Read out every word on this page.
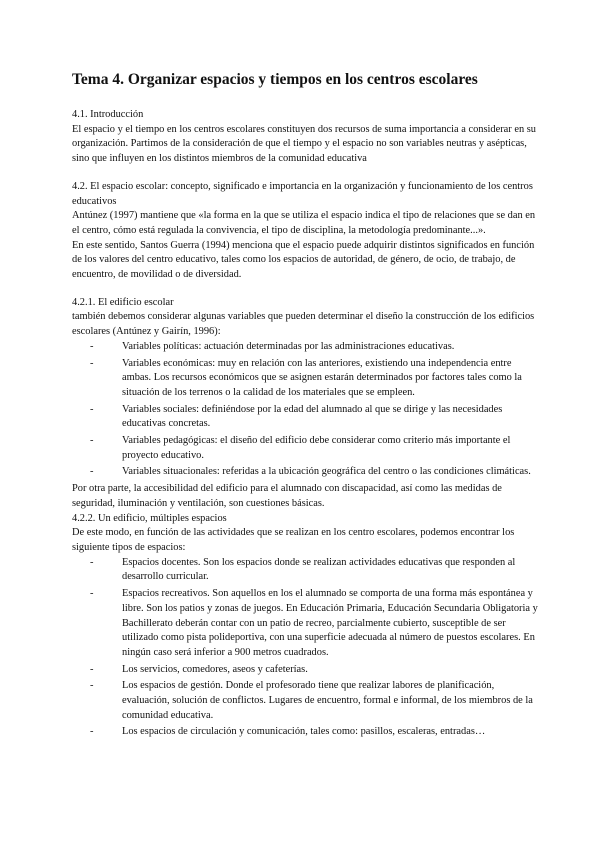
Tema 4. Organizar espacios y tiempos en los centros escolares

4.1. Introducción

El espacio y el tiempo en los centros escolares constituyen dos recursos de suma importancia a considerar en su organización. Partimos de la consideración de que el tiempo y el espacio no son variables neutras y asépticas, sino que influyen en los distintos miembros de la comunidad educativa

4.2. El espacio escolar: concepto, significado e importancia en la organización y funcionamiento de los centros educativos

Antúnez (1997) mantiene que «la forma en la que se utiliza el espacio indica el tipo de relaciones que se dan en el centro, cómo está regulada la convivencia, el tipo de disciplina, la metodología predominante...».

En este sentido, Santos Guerra (1994) menciona que el espacio puede adquirir distintos significados en función de los valores del centro educativo, tales como los espacios de autoridad, de género, de ocio, de trabajo, de encuentro, de movilidad o de diversidad.

4.2.1. El edificio escolar

también debemos considerar algunas variables que pueden determinar el diseño la construcción de los edificios escolares (Antúnez y Gairín, 1996):

- Variables políticas: actuación determinadas por las administraciones educativas.
- Variables económicas: muy en relación con las anteriores, existiendo una independencia entre ambas. Los recursos económicos que se asignen estarán determinados por factores tales como la situación de los terrenos o la calidad de los materiales que se empleen.
- Variables sociales: definiéndose por la edad del alumnado al que se dirige y las necesidades educativas concretas.
- Variables pedagógicas: el diseño del edificio debe considerar como criterio más importante el proyecto educativo.
- Variables situacionales: referidas a la ubicación geográfica del centro o las condiciones climáticas.

Por otra parte, la accesibilidad del edificio para el alumnado con discapacidad, así como las medidas de seguridad, iluminación y ventilación, son cuestiones básicas.

4.2.2. Un edificio, múltiples espacios

De este modo, en función de las actividades que se realizan en los centro escolares, podemos encontrar los siguiente tipos de espacios:

- Espacios docentes. Son los espacios donde se realizan actividades educativas que responden al desarrollo curricular.
- Espacios recreativos. Son aquellos en los el alumnado se comporta de una forma más espontánea y libre. Son los patios y zonas de juegos. En Educación Primaria, Educación Secundaria Obligatoria y Bachillerato deberán contar con un patio de recreo, parcialmente cubierto, susceptible de ser utilizado como pista polideportiva, con una superficie adecuada al número de puestos escolares. En ningún caso será inferior a 900 metros cuadrados.
- Los servicios, comedores, aseos y cafeterías.
- Los espacios de gestión. Donde el profesorado tiene que realizar labores de planificación, evaluación, solución de conflictos. Lugares de encuentro, formal e informal, de los miembros de la comunidad educativa.
- Los espacios de circulación y comunicación, tales como: pasillos, escaleras, entradas…
